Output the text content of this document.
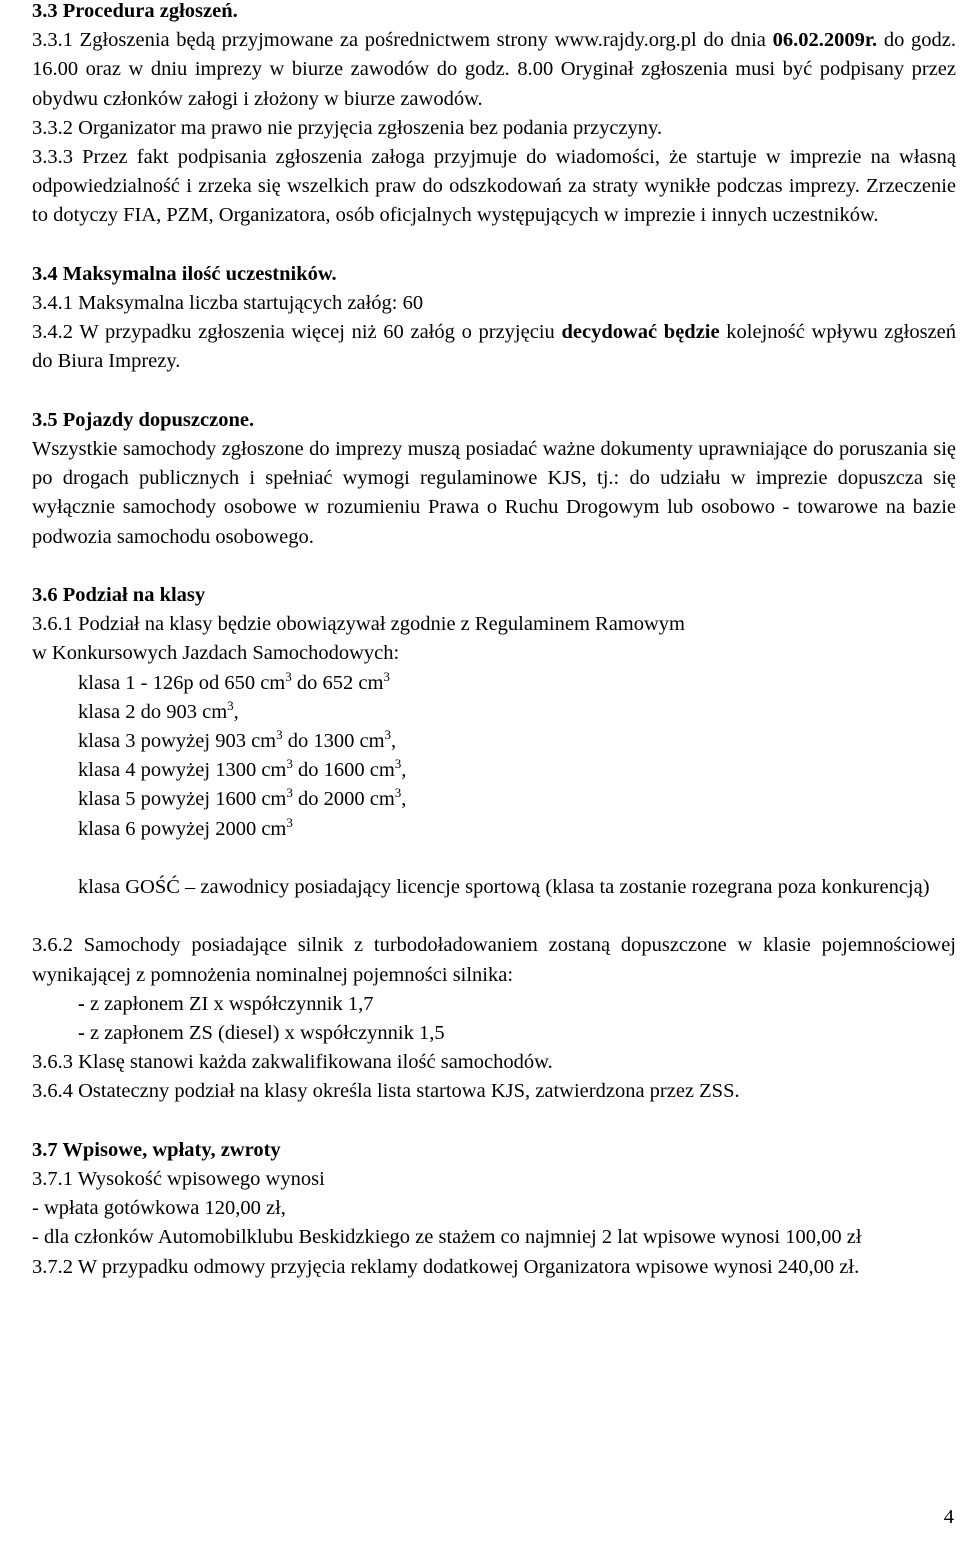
3.3 Procedura zgłoszeń.

3.3.1 Zgłoszenia będą przyjmowane za pośrednictwem strony www.rajdy.org.pl do dnia 06.02.2009r. do godz. 16.00 oraz w dniu imprezy w biurze zawodów do godz. 8.00 Oryginał zgłoszenia musi być podpisany przez obydwu członków załogi i złożony w biurze zawodów.

3.3.2 Organizator ma prawo nie przyjęcia zgłoszenia bez podania przyczyny.

3.3.3 Przez fakt podpisania zgłoszenia załoga przyjmuje do wiadomości, że startuje w imprezie na własną odpowiedzialność i zrzeka się wszelkich praw do odszkodowań za straty wynikłe podczas imprezy. Zrzeczenie to dotyczy FIA, PZM, Organizatora, osób oficjalnych występujących w imprezie i innych uczestników.

3.4 Maksymalna ilość uczestników.

3.4.1 Maksymalna liczba startujących załóg: 60

3.4.2 W przypadku zgłoszenia więcej niż 60 załóg o przyjęciu decydować będzie kolejność wpływu zgłoszeń do Biura Imprezy.

3.5 Pojazdy dopuszczone.

Wszystkie samochody zgłoszone do imprezy muszą posiadać ważne dokumenty uprawniające do poruszania się po drogach publicznych i spełniać wymogi regulaminowe KJS, tj.: do udziału w imprezie dopuszcza się wyłącznie samochody osobowe w rozumieniu Prawa o Ruchu Drogowym lub osobowo - towarowe na bazie podwozia samochodu osobowego.

3.6 Podział na klasy

3.6.1 Podział na klasy będzie obowiązywał zgodnie z Regulaminem Ramowym

w Konkursowych Jazdach Samochodowych:

klasa 1 - 126p od 650 $cm^3$ do 652 $cm^3$

klasa 2 do 903 $cm^3$,

klasa 3 powyżej 903 $cm^3$ do 1300 $cm^3$,

klasa 4 powyżej 1300 $cm^3$ do 1600 $cm^3$,

klasa 5 powyżej 1600 $cm^3$ do 2000 $cm^3$,

klasa 6 powyżej 2000 $cm^3$

klasa GOŚĆ – zawodnicy posiadający licencje sportową (klasa ta zostanie rozegrana poza konkurencją)

3.6.2 Samochody posiadające silnik z turbodoładowaniem zostaną dopuszczone w klasie pojemnościowej wynikającej z pomnożenia nominalnej pojemności silnika:

- z zapłonem ZI x współczynnik 1,7

- z zapłonem ZS (diesel) x współczynnik 1,5

3.6.3 Klasę stanowi każda zakwalifikowana ilość samochodów.

3.6.4 Ostateczny podział na klasy określa lista startowa KJS, zatwierdzona przez ZSS.

3.7 Wpisowe, wpłaty, zwroty

3.7.1 Wysokość wpisowego wynosi

- wpłata gotówkowa 120,00 zł,

- dla członków Automobilklubu Beskidzkiego ze stażem co najmniej 2 lat wpisowe wynosi 100,00 zł

3.7.2 W przypadku odmowy przyjęcia reklamy dodatkowej Organizatora wpisowe wynosi 240,00 zł.

4
